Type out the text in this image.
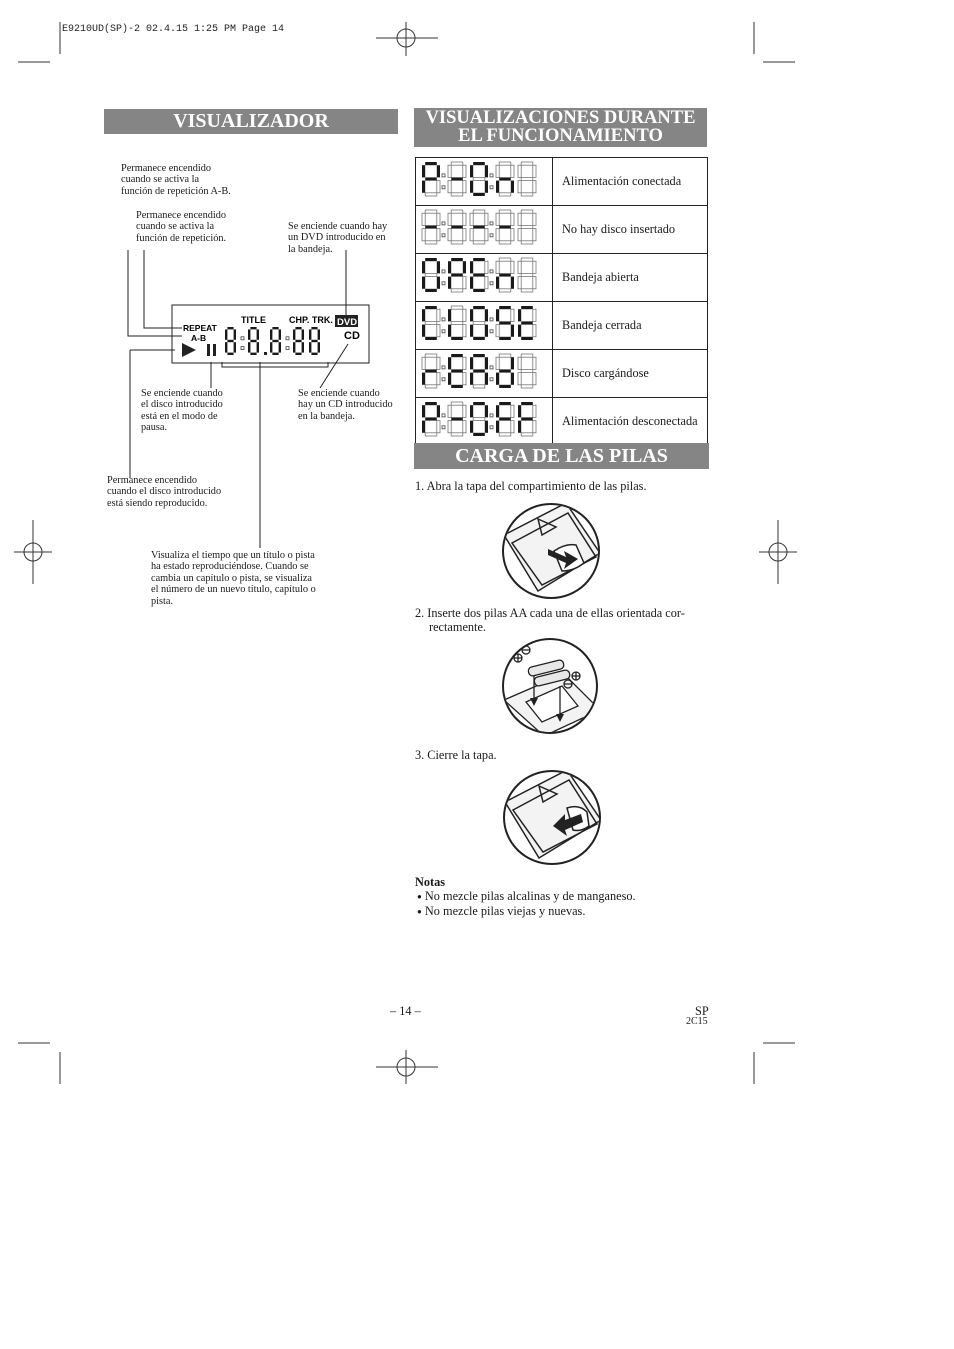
E9210UD(SP)-2 02.4.15 1:25 PM Page 14
VISUALIZADOR
Permanece encendido
cuando se activa la
función de repetición A-B.
Permanece encendido
cuando se activa la
función de repetición.
Se enciende cuando hay
un DVD introducido en
la bandeja.
REPEAT
A-B
TITLE	CHP. TRK. DVD
CD
Se enciende cuando
el disco introducido
está en el modo de
pausa.
Se enciende cuando
hay un CD introducido
en la bandeja.
Permanece encendido
cuando el disco introducido
está siendo reproducido.
Visualiza el tiempo que un título o pista
ha estado reproduciéndose. Cuando se
cambia un capítulo o pista, se visualiza
el número de un nuevo título, capítulo o
pista.
VISUALIZACIONES DURANTE
EL FUNCIONAMIENTO
	Alimentación conectada
	No hay disco insertado
	Bandeja abierta
	Bandeja cerrada
	Disco cargándose
	Alimentación desconectada
CARGA DE LAS PILAS
1. Abra la tapa del compartimiento de las pilas.
2. Inserte dos pilas AA cada una de ellas orientada cor-
rectamente.
3. Cierre la tapa.
Notas
● No mezcle pilas alcalinas y de manganeso.
● No mezcle pilas viejas y nuevas.
– 14 –	SP
2C15
